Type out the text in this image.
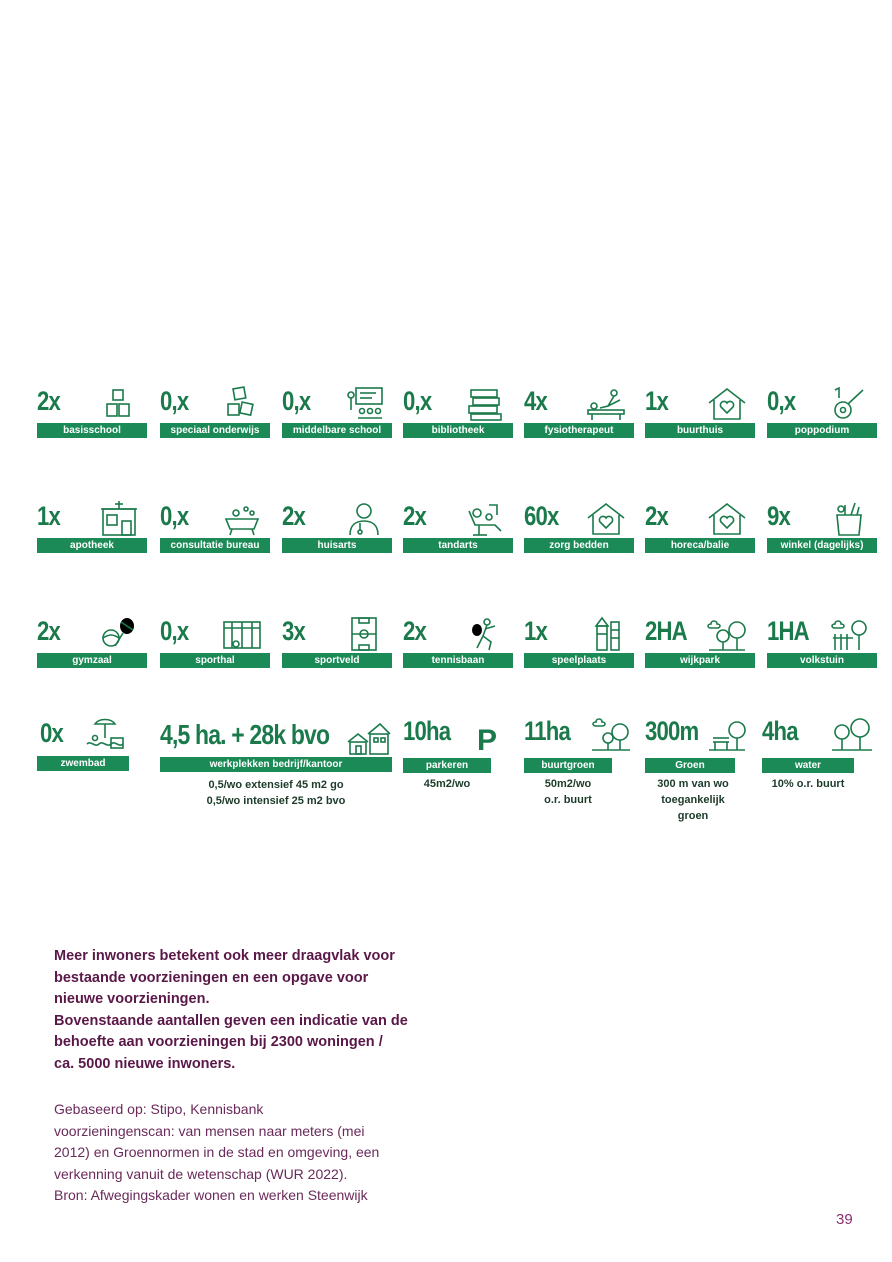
2x
basisschool
0,x
speciaal onderwijs
0,x
middelbare school
0,x
bibliotheek
4x
fysiotherapeut
1x
buurthuis
0,x
poppodium
1x
apotheek
0,x
consultatie bureau
2x
huisarts
2x
tandarts
60x
zorg bedden
2x
horeca/balie
9x
winkel (dagelijks)
2x
gymzaal
0,x
sporthal
3x
sportveld
2x
tennisbaan
1x
speelplaats
2HA
wijkpark
1HA
volkstuin
0x
zwembad
4,5 ha. + 28k bvo
werkplekken bedrijf/kantoor
0,5/wo extensief 45 m2 go
0,5/wo intensief 25 m2 bvo
10ha P
parkeren
45m2/wo
11ha
buurtgroen
50m2/wo
o.r. buurt
300m
Groen
300 m van wo
toegankelijk groen
4ha
water
10% o.r. buurt
Meer inwoners betekent ook meer draagvlak voor
bestaande voorzieningen en een opgave voor
nieuwe voorzieningen.
Bovenstaande aantallen geven een indicatie van de
behoefte aan voorzieningen bij 2300 woningen /
ca. 5000 nieuwe inwoners.
Gebaseerd op: Stipo, Kennisbank
voorzieningenscan: van mensen naar meters (mei
2012) en Groennormen in de stad en omgeving, een
verkenning vanuit de wetenschap (WUR 2022).
Bron: Afwegingskader wonen en werken Steenwijk
39
